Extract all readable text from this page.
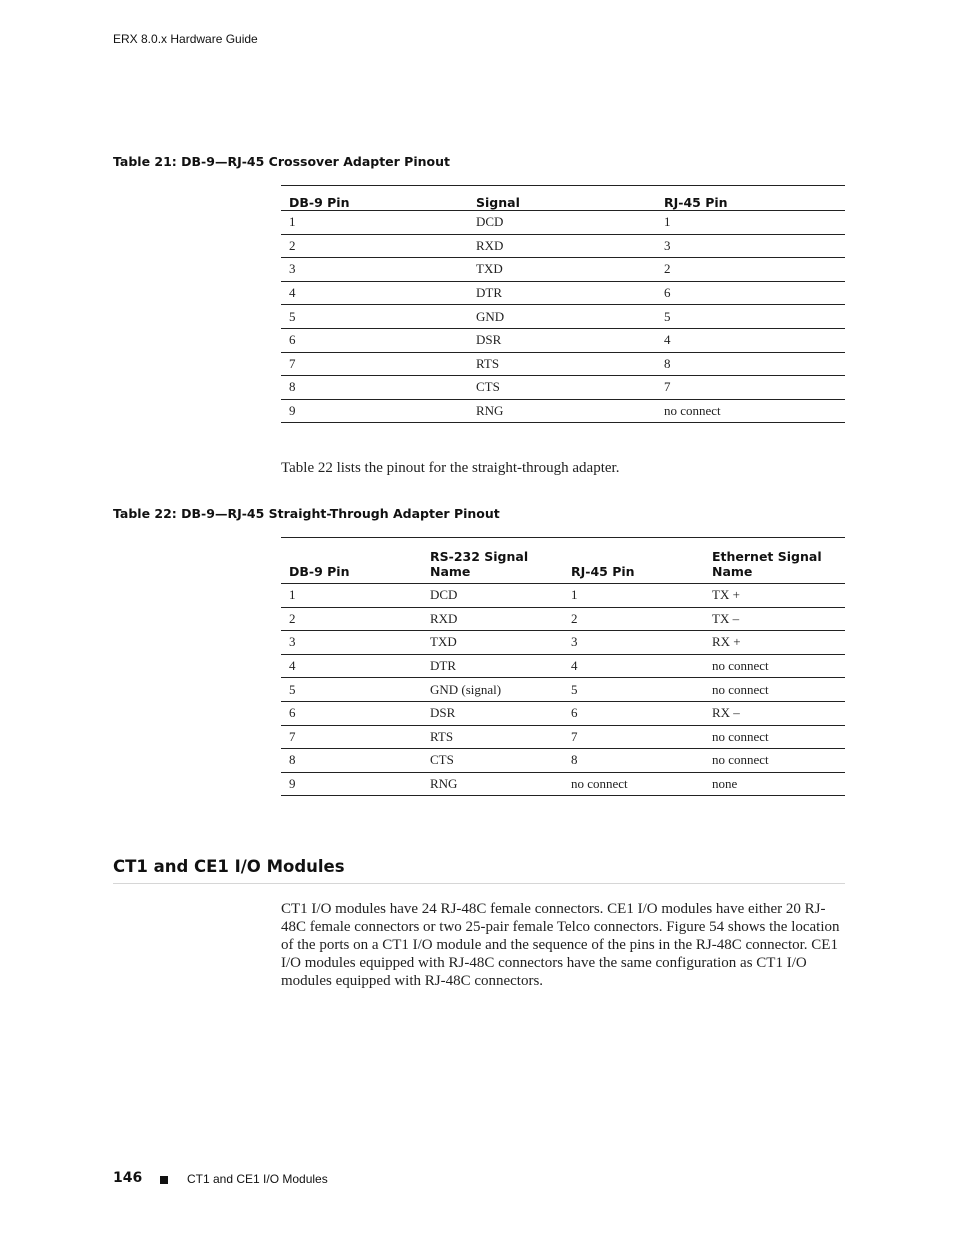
ERX 8.0.x Hardware Guide
Table 21: DB-9—RJ-45 Crossover Adapter Pinout
DB-9 Pin	Signal	RJ-45 Pin
1	DCD	1
2	RXD	3
3	TXD	2
4	DTR	6
5	GND	5
6	DSR	4
7	RTS	8
8	CTS	7
9	RNG	no connect
Table 22 lists the pinout for the straight-through adapter.
Table 22: DB-9—RJ-45 Straight-Through Adapter Pinout
DB-9 Pin	RS-232 Signal Name	RJ-45 Pin	Ethernet Signal Name
1	DCD	1	TX +
2	RXD	2	TX –
3	TXD	3	RX +
4	DTR	4	no connect
5	GND (signal)	5	no connect
6	DSR	6	RX –
7	RTS	7	no connect
8	CTS	8	no connect
9	RNG	no connect	none
CT1 and CE1 I/O Modules
CT1 I/O modules have 24 RJ-48C female connectors. CE1 I/O modules have either 20 RJ-48C female connectors or two 25-pair female Telco connectors. Figure 54 shows the location of the ports on a CT1 I/O module and the sequence of the pins in the RJ-48C connector. CE1 I/O modules equipped with RJ-48C connectors have the same configuration as CT1 I/O modules equipped with RJ-48C connectors.
146	CT1 and CE1 I/O Modules
